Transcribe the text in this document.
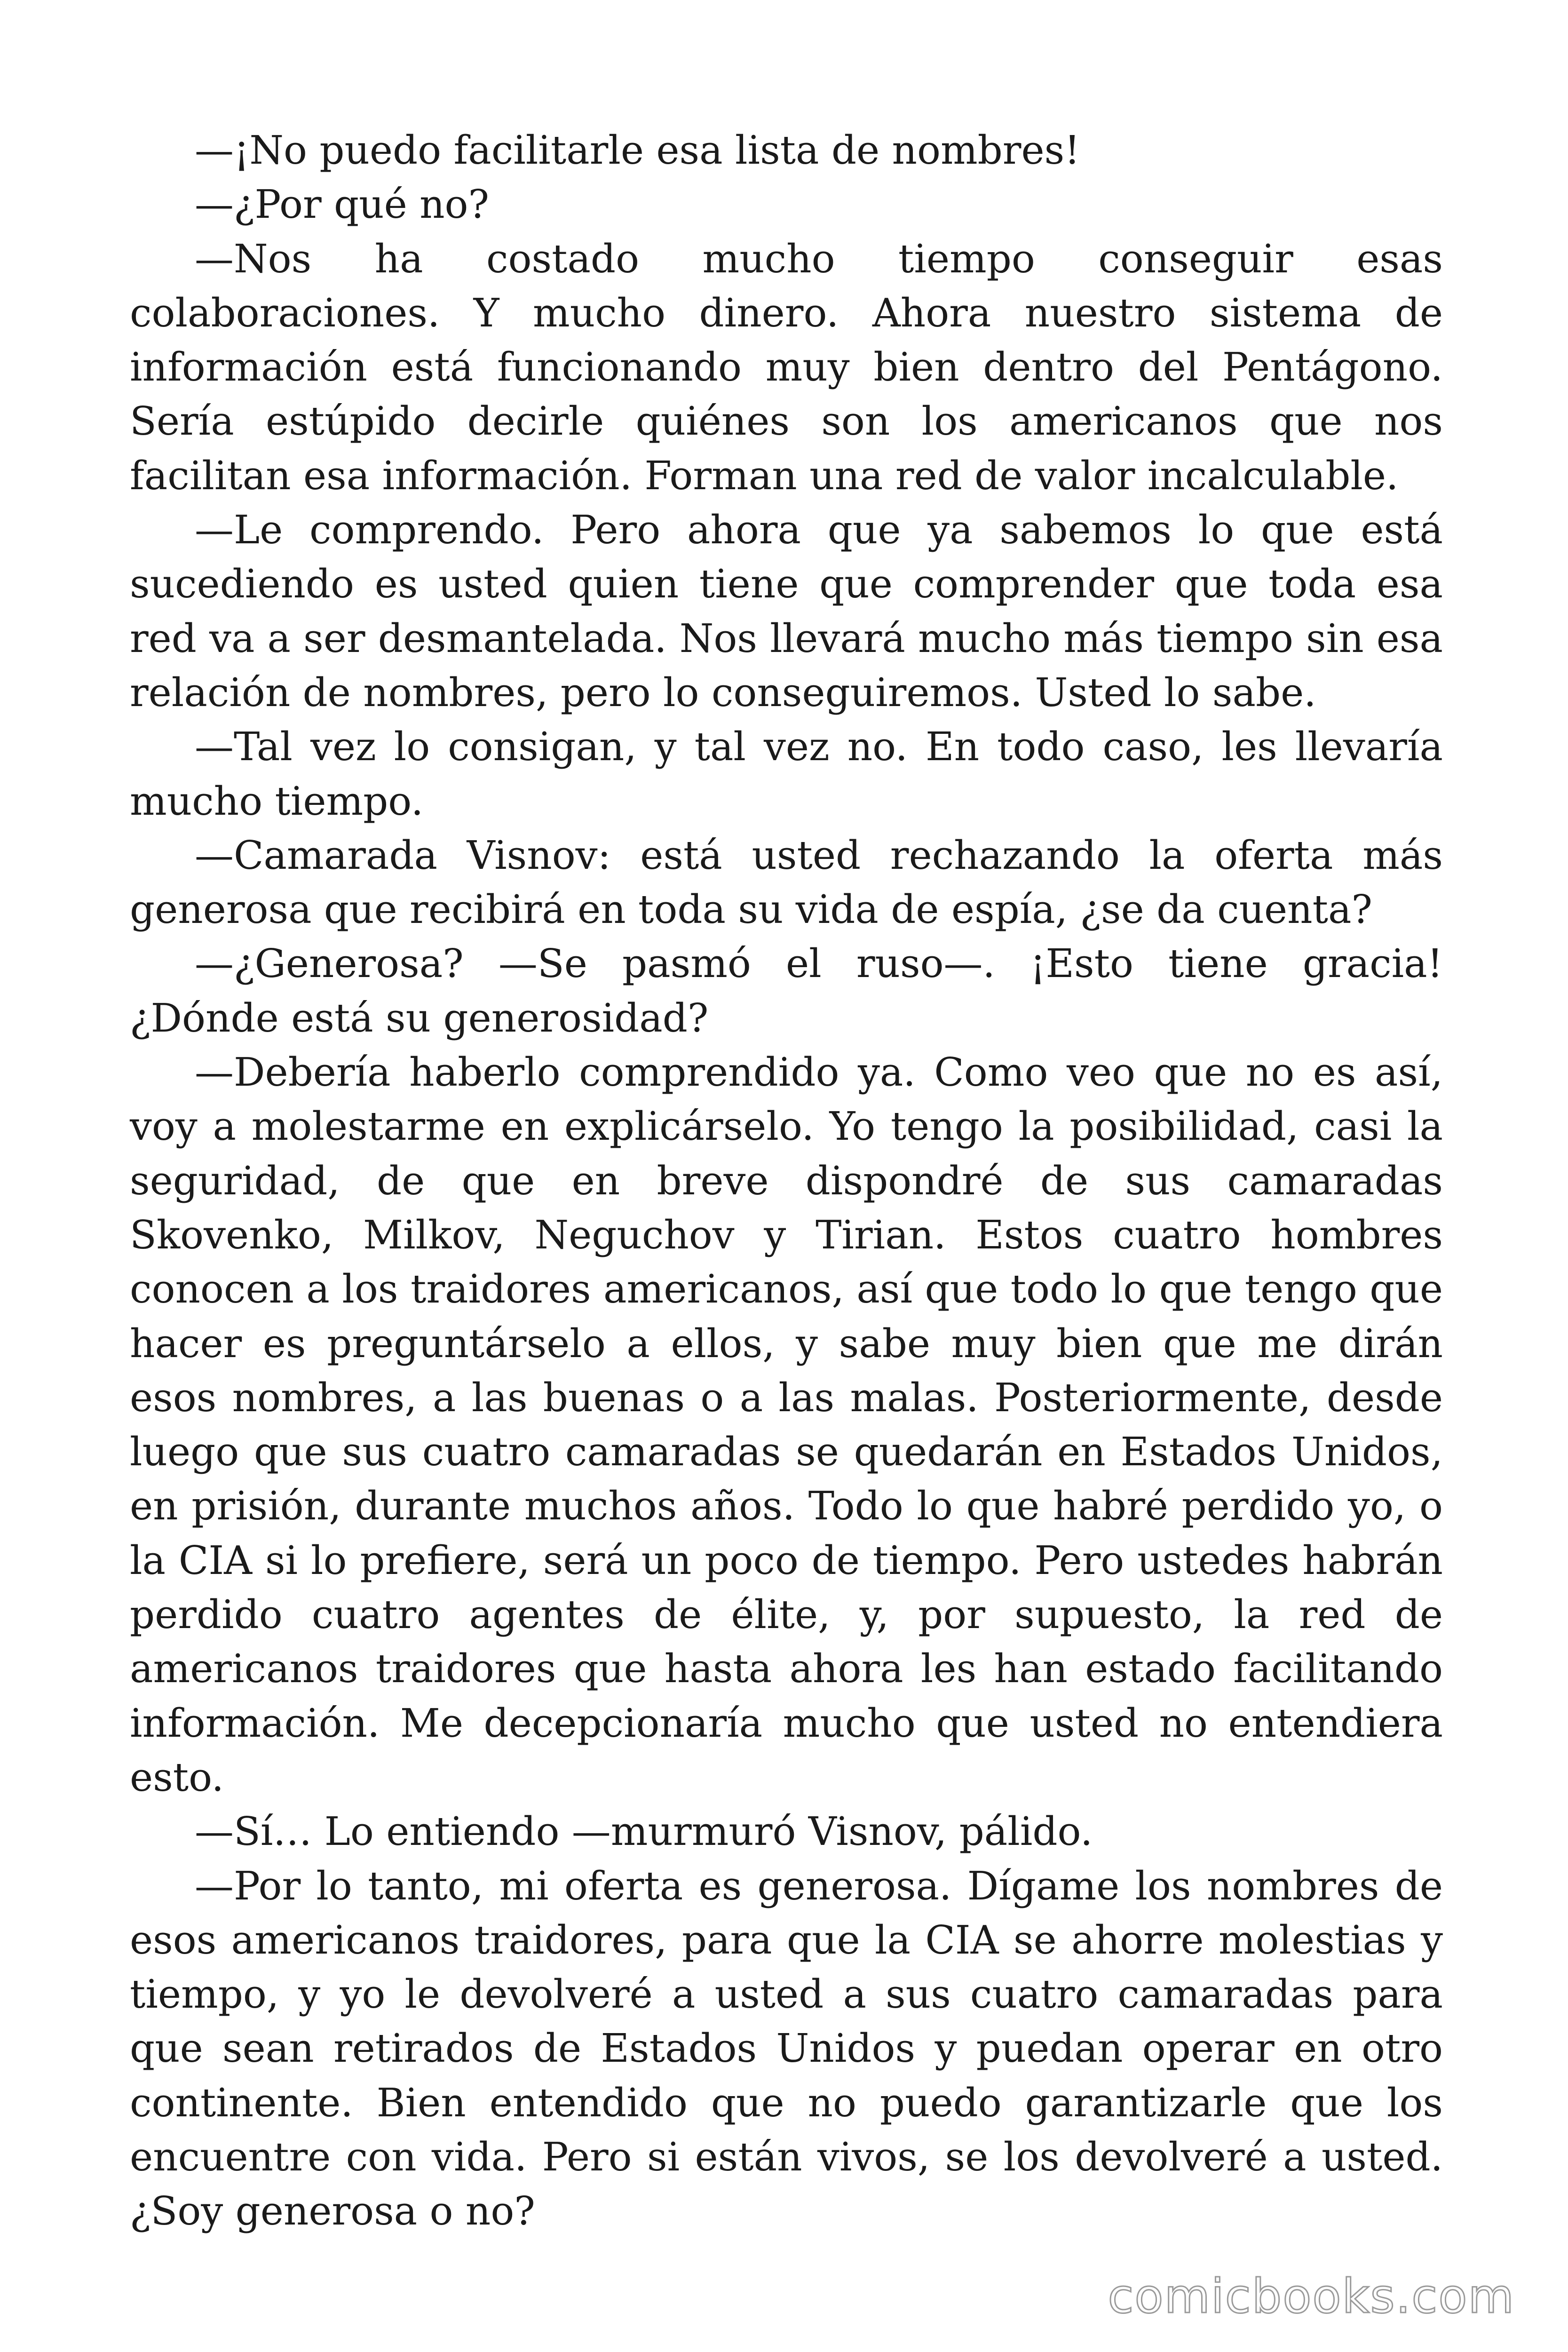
—¡No puedo facilitarle esa lista de nombres!

—¿Por qué no?

—Nos ha costado mucho tiempo conseguir esas colaboraciones. Y mucho dinero. Ahora nuestro sistema de información está funcionando muy bien dentro del Pentágono. Sería estúpido decirle quiénes son los americanos que nos facilitan esa información. Forman una red de valor incalculable.

—Le comprendo. Pero ahora que ya sabemos lo que está sucediendo es usted quien tiene que comprender que toda esa red va a ser desmantelada. Nos llevará mucho más tiempo sin esa relación de nombres, pero lo conseguiremos. Usted lo sabe.

—Tal vez lo consigan, y tal vez no. En todo caso, les llevaría mucho tiempo.

—Camarada Visnov: está usted rechazando la oferta más generosa que recibirá en toda su vida de espía, ¿se da cuenta?

—¿Generosa? —Se pasmó el ruso—. ¡Esto tiene gracia! ¿Dónde está su generosidad?

—Debería haberlo comprendido ya. Como veo que no es así, voy a molestarme en explicárselo. Yo tengo la posibilidad, casi la seguridad, de que en breve dispondré de sus camaradas Skovenko, Milkov, Neguchov y Tirian. Estos cuatro hombres conocen a los traidores americanos, así que todo lo que tengo que hacer es preguntárselo a ellos, y sabe muy bien que me dirán esos nombres, a las buenas o a las malas. Posteriormente, desde luego que sus cuatro camaradas se quedarán en Estados Unidos, en prisión, durante muchos años. Todo lo que habré perdido yo, o la CIA si lo prefiere, será un poco de tiempo. Pero ustedes habrán perdido cuatro agentes de élite, y, por supuesto, la red de americanos traidores que hasta ahora les han estado facilitando información. Me decepcionaría mucho que usted no entendiera esto.

—Sí… Lo entiendo —murmuró Visnov, pálido.

—Por lo tanto, mi oferta es generosa. Dígame los nombres de esos americanos traidores, para que la CIA se ahorre molestias y tiempo, y yo le devolveré a usted a sus cuatro camaradas para que sean retirados de Estados Unidos y puedan operar en otro continente. Bien entendido que no puedo garantizarle que los encuentre con vida. Pero si están vivos, se los devolveré a usted. ¿Soy generosa o no?

comicbooks.com
